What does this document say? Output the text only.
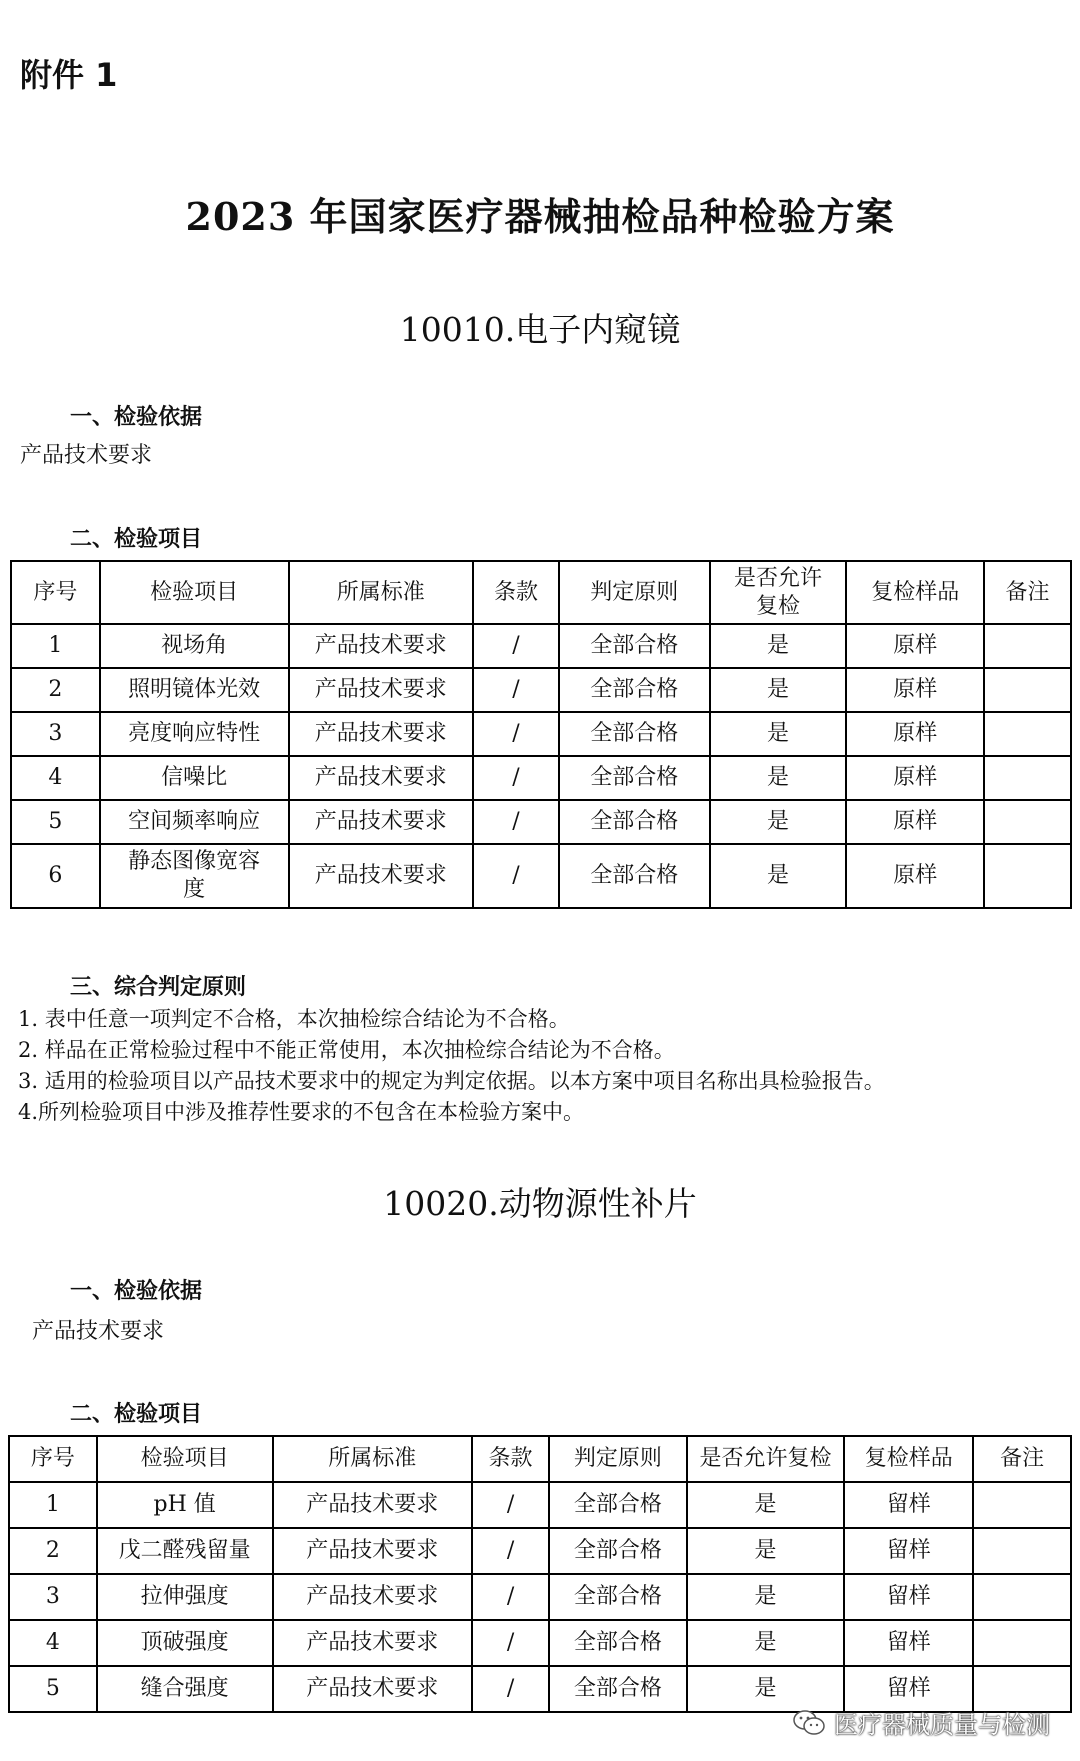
附件 1
2023 年国家医疗器械抽检品种检验方案
10010.电子内窥镜
一、检验依据
产品技术要求
二、检验项目
序号	检验项目	所属标准	条款	判定原则	是否允许复检	复检样品	备注
1	视场角	产品技术要求	/	全部合格	是	原样	
2	照明镜体光效	产品技术要求	/	全部合格	是	原样	
3	亮度响应特性	产品技术要求	/	全部合格	是	原样	
4	信噪比	产品技术要求	/	全部合格	是	原样	
5	空间频率响应	产品技术要求	/	全部合格	是	原样	
6	静态图像宽容度	产品技术要求	/	全部合格	是	原样	
三、综合判定原则
1. 表中任意一项判定不合格，本次抽检综合结论为不合格。
2. 样品在正常检验过程中不能正常使用，本次抽检综合结论为不合格。
3. 适用的检验项目以产品技术要求中的规定为判定依据。以本方案中项目名称出具检验报告。
4.所列检验项目中涉及推荐性要求的不包含在本检验方案中。
10020.动物源性补片
一、检验依据
产品技术要求
二、检验项目
序号	检验项目	所属标准	条款	判定原则	是否允许复检	复检样品	备注
1	pH 值	产品技术要求	/	全部合格	是	留样	
2	戊二醛残留量	产品技术要求	/	全部合格	是	留样	
3	拉伸强度	产品技术要求	/	全部合格	是	留样	
4	顶破强度	产品技术要求	/	全部合格	是	留样	
5	缝合强度	产品技术要求	/	全部合格	是	留样	
医疗器械质量与检测
